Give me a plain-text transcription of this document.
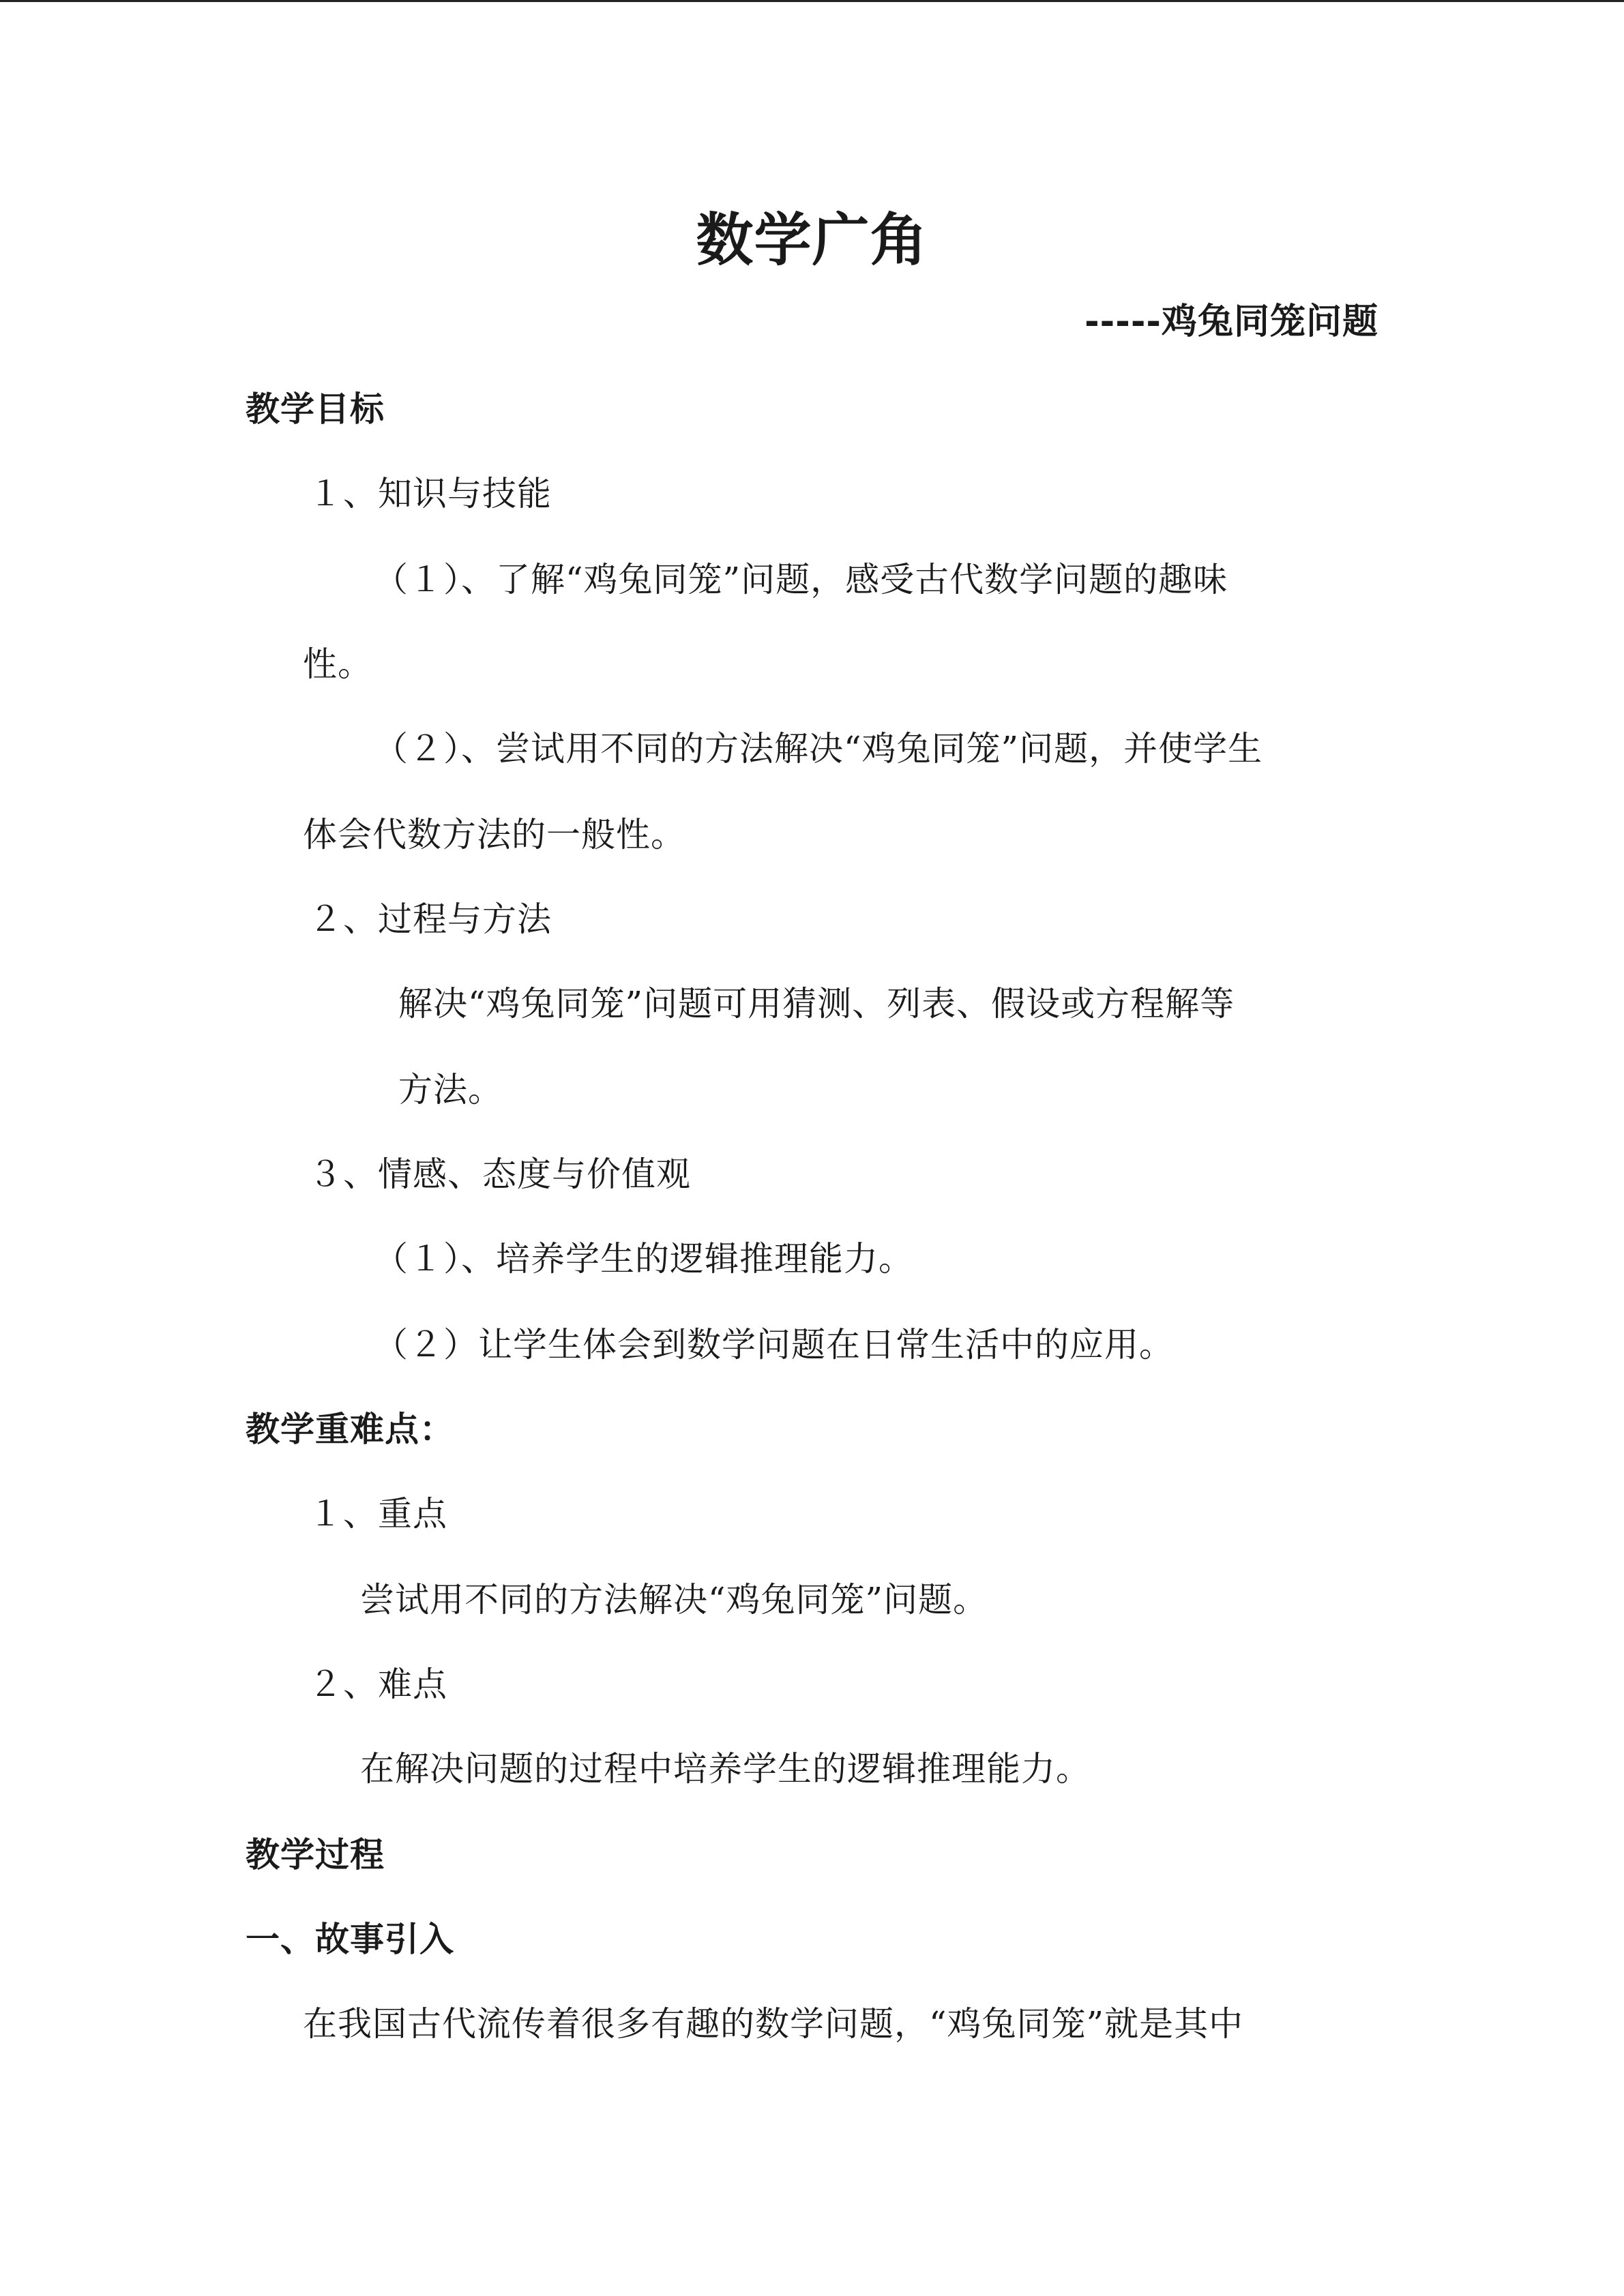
数学广角
-----鸡兔同笼问题
教学目标
１、知识与技能
（１）、了解“鸡兔同笼”问题，感受古代数学问题的趣味
性。
（２）、尝试用不同的方法解决“鸡兔同笼”问题，并使学生
体会代数方法的一般性。
２、过程与方法
解决“鸡兔同笼”问题可用猜测、列表、假设或方程解等
方法。
３、情感、态度与价值观
（１）、培养学生的逻辑推理能力。
（２）让学生体会到数学问题在日常生活中的应用。
教学重难点：
１、重点
尝试用不同的方法解决“鸡兔同笼”问题。
２、难点
在解决问题的过程中培养学生的逻辑推理能力。
教学过程
一、故事引入
在我国古代流传着很多有趣的数学问题，“鸡兔同笼”就是其中
